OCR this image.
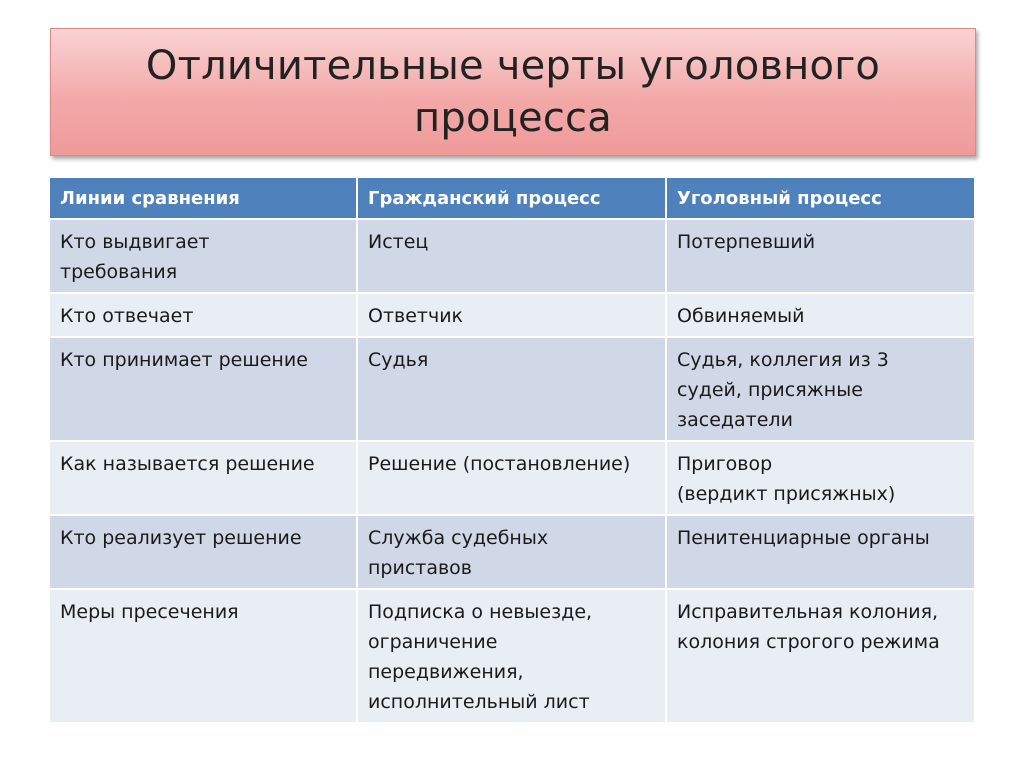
Отличительные черты уголовного
процесса
Линии сравнения	Гражданский процесс	Уголовный процесс

Кто выдвигает
требования	Истец	Потерпевший

Кто отвечает	Ответчик	Обвиняемый

Кто принимает решение	Судья	Судья, коллегия из 3
судей, присяжные
заседатели

Как называется решение	Решение (постановление)	Приговор
(вердикт присяжных)

Кто реализует решение	Служба судебных
приставов	Пенитенциарные органы

Меры пресечения	Подписка о невыезде,
ограничение
передвижения,
исполнительный лист	Исправительная колония,
колония строгого режима
